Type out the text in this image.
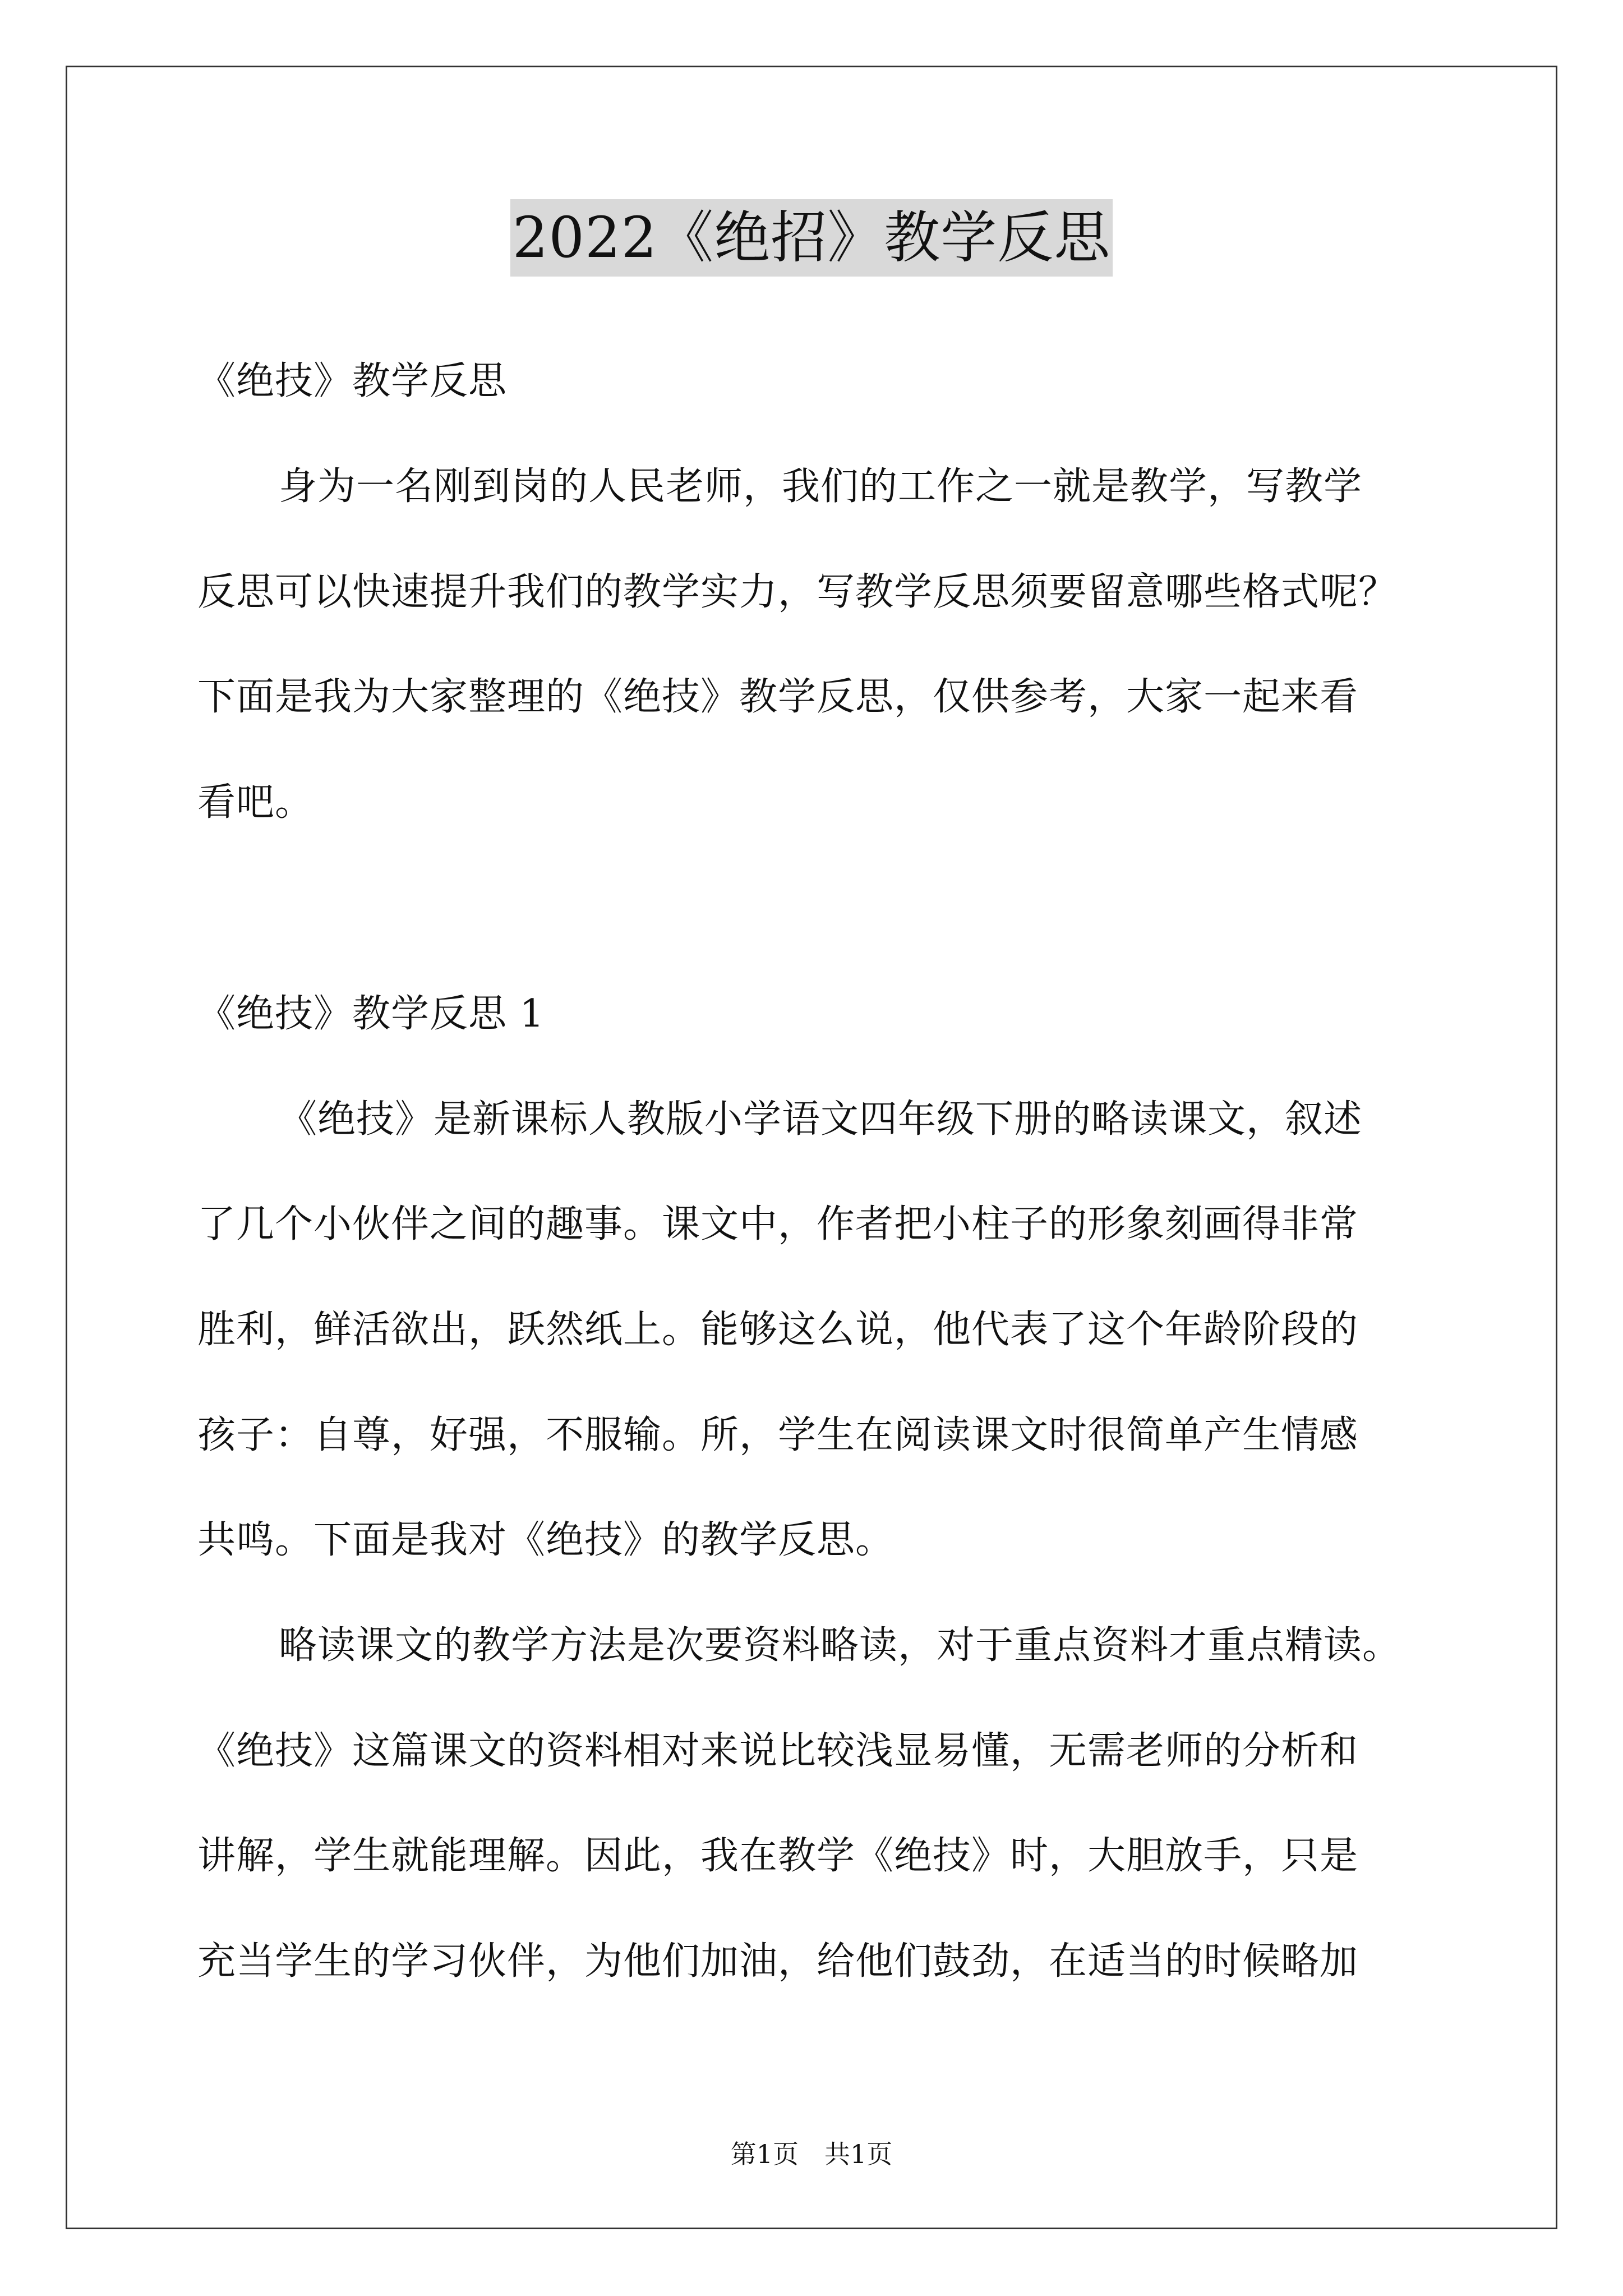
2022《绝招》教学反思
《绝技》教学反思
身为一名刚到岗的人民老师，我们的工作之一就是教学，写教学
反思可以快速提升我们的教学实力，写教学反思须要留意哪些格式呢？
下面是我为大家整理的《绝技》教学反思，仅供参考，大家一起来看
看吧。
《绝技》教学反思 1
《绝技》是新课标人教版小学语文四年级下册的略读课文，叙述
了几个小伙伴之间的趣事。课文中，作者把小柱子的形象刻画得非常
胜利，鲜活欲出，跃然纸上。能够这么说，他代表了这个年龄阶段的
孩子：自尊，好强，不服输。所，学生在阅读课文时很简单产生情感
共鸣。下面是我对《绝技》的教学反思。
略读课文的教学方法是次要资料略读，对于重点资料才重点精读。
《绝技》这篇课文的资料相对来说比较浅显易懂，无需老师的分析和
讲解，学生就能理解。因此，我在教学《绝技》时，大胆放手，只是
充当学生的学习伙伴，为他们加油，给他们鼓劲，在适当的时候略加
第1页 共1页
